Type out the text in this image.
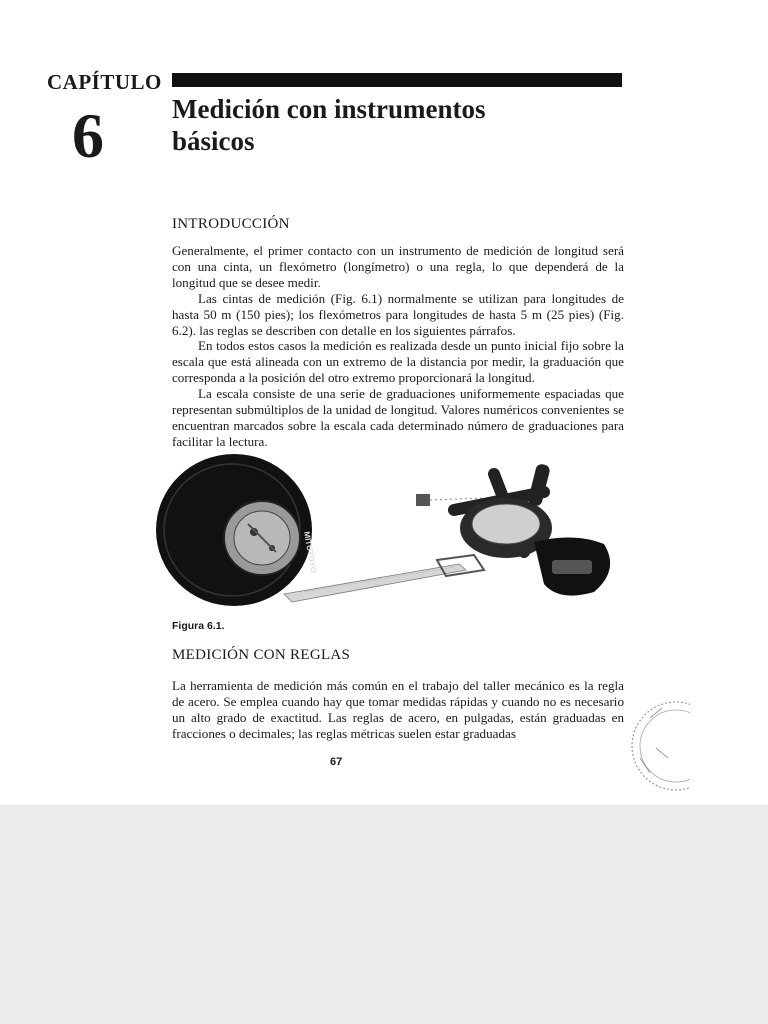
CAPÍTULO
6	Medición con instrumentos
básicos
INTRODUCCIÓN

Generalmente, el primer contacto con un instrumento de medición de longitud será con una cinta, un flexómetro (longímetro) o una regla, lo que dependerá de la longitud que se desee medir.

Las cintas de medición (Fig. 6.1) normalmente se utilizan para longitudes de hasta 50 m (150 pies); los flexómetros para longitudes de hasta 5 m (25 pies) (Fig. 6.2). las reglas se describen con detalle en los siguientes párrafos.

En todos estos casos la medición es realizada desde un punto inicial fijo sobre la escala que está alineada con un extremo de la distancia por medir, la graduación que corresponda a la posición del otro extremo proporcionará la longitud.

La escala consiste de una serie de graduaciones uniformemente espaciadas que representan submúltiplos de la unidad de longitud. Valores numéricos convenientes se encuentran marcados sobre la escala cada determinado número de graduaciones para facilitar la lectura.

MITUTOYO
Figura 6.1.
MEDICIÓN CON REGLAS

La herramienta de medición más común en el trabajo del taller mecánico es la regla de acero. Se emplea cuando hay que tomar medidas rápidas y cuando no es necesario un alto grado de exactitud. Las reglas de acero, en pulgadas, están graduadas en fracciones o decimales; las reglas métricas suelen estar graduadas

67
